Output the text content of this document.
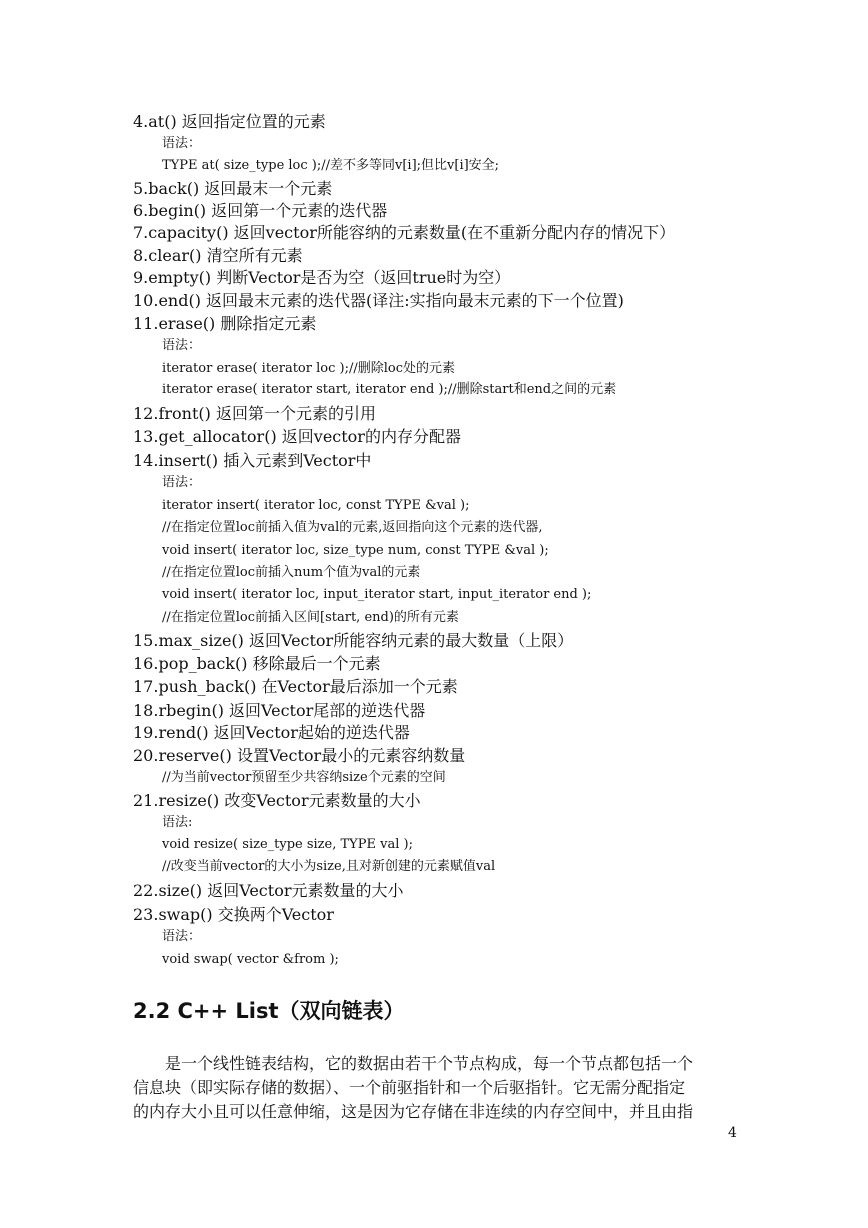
4.at() 返回指定位置的元素
语法：
TYPE at( size_type loc );//差不多等同v[i];但比v[i]安全;
5.back() 返回最末一个元素
6.begin() 返回第一个元素的迭代器
7.capacity() 返回vector所能容纳的元素数量(在不重新分配内存的情况下）
8.clear() 清空所有元素
9.empty() 判断Vector是否为空（返回true时为空）
10.end() 返回最末元素的迭代器(译注:实指向最末元素的下一个位置)
11.erase() 删除指定元素
语法：
iterator erase( iterator loc );//删除loc处的元素
iterator erase( iterator start, iterator end );//删除start和end之间的元素
12.front() 返回第一个元素的引用
13.get_allocator() 返回vector的内存分配器
14.insert() 插入元素到Vector中
语法：
iterator insert( iterator loc, const TYPE &val );
//在指定位置loc前插入值为val的元素,返回指向这个元素的迭代器,
void insert( iterator loc, size_type num, const TYPE &val );
//在指定位置loc前插入num个值为val的元素
void insert( iterator loc, input_iterator start, input_iterator end );
//在指定位置loc前插入区间[start, end)的所有元素
15.max_size() 返回Vector所能容纳元素的最大数量（上限）
16.pop_back() 移除最后一个元素
17.push_back() 在Vector最后添加一个元素
18.rbegin() 返回Vector尾部的逆迭代器
19.rend() 返回Vector起始的逆迭代器
20.reserve() 设置Vector最小的元素容纳数量
//为当前vector预留至少共容纳size个元素的空间
21.resize() 改变Vector元素数量的大小
语法:
void resize( size_type size, TYPE val );
//改变当前vector的大小为size,且对新创建的元素赋值val
22.size() 返回Vector元素数量的大小
23.swap() 交换两个Vector
语法：
void swap( vector &from );
2.2 C++ List（双向链表）
　　是一个线性链表结构，它的数据由若干个节点构成，每一个节点都包括一个
信息块（即实际存储的数据）、一个前驱指针和一个后驱指针。它无需分配指定
的内存大小且可以任意伸缩，这是因为它存储在非连续的内存空间中，并且由指
4
